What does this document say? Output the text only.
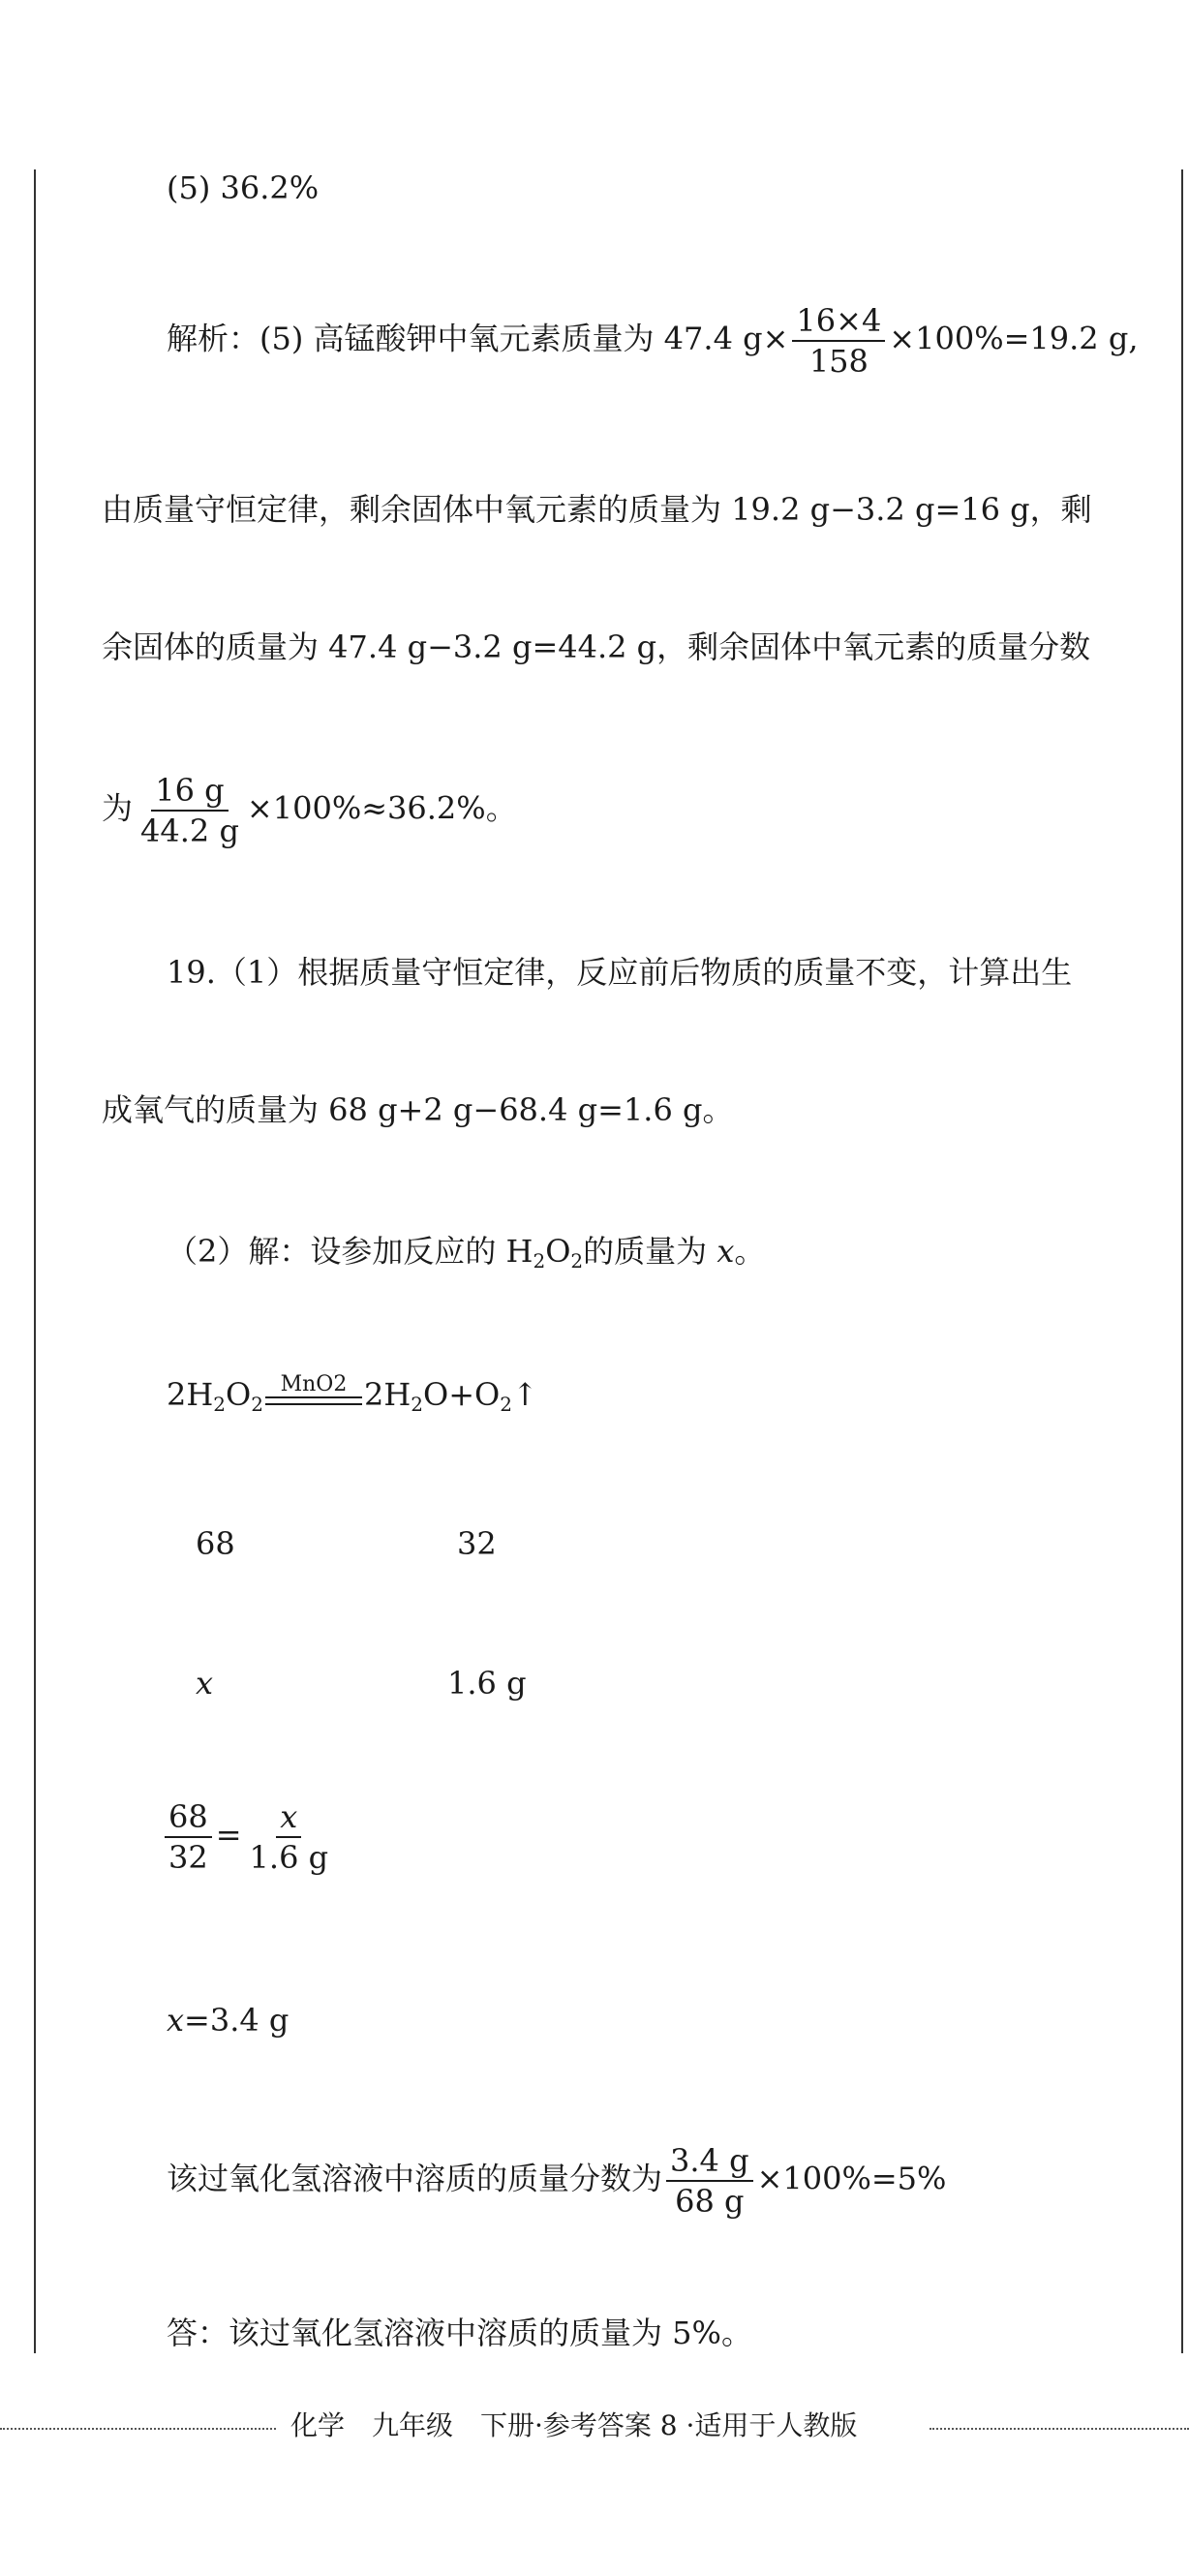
(5) 36.2%
解析：(5) 高锰酸钾中氧元素质量为 47.4 $g\times \frac{16\times 4}{158} \times 100\%=19.2$ g,
由质量守恒定律，剩余固体中氧元素的质量为 19.2 g−3.2 g=16 g，剩
余固体的质量为 47.4 g−3.2 g=44.2 g，剩余固体中氧元素的质量分数
为 $\frac{16 g}{44.2 g} \times 100\%\approx 36.2\%$。
19.（1）根据质量守恒定律，反应前后物质的质量不变，计算出生
成氧气的质量为 68 g+2 g−68.4 g=1.6 g。
（2）解：设参加反应的 $H_2O_2$的质量为 x。
$2H_2O_2$
MnO2 $2H_2O+O_2↑$
68	32
x	1.6 g
$\frac{68}{32} = \frac{x}{1.6 g}$
x=3.4 g
该过氧化氢溶液中溶质的质量分数为 $\frac{3.4 g}{68 g} \times 100\%=5\%$
答：该过氧化氢溶液中溶质的质量为 5%。
化学　九年级　下册·参考答案 8 ·适用于人教版
